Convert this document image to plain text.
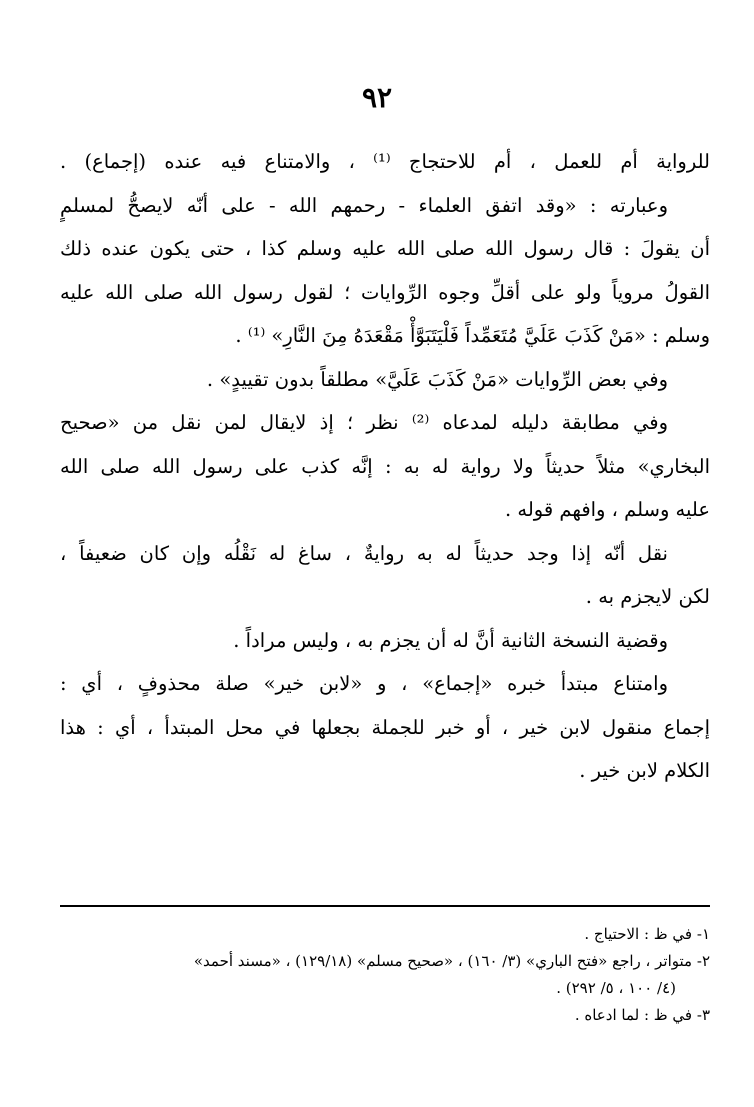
٩٢
للرواية أم للعمل ، أم للاحتجاج ⁽¹⁾ ، والامتناع فيه عنده (إجماع) .
وعبارته : «وقد اتفق العلماء - رحمهم الله - على أنّه لايصحُّ لمسلمٍ
أن يقولَ : قال رسول الله صلى الله عليه وسلم كذا ، حتى يكون عنده ذلك
القولُ مروياً ولو على أقلِّ وجوه الرِّوايات ؛ لقول رسول الله صلى الله عليه
وسلم : «مَنْ كَذَبَ عَلَيَّ مُتَعَمِّداً فَلْيَتَبَوَّأْ مَقْعَدَهُ مِنَ النَّارِ» ⁽¹⁾ .
وفي بعض الرِّوايات «مَنْ كَذَبَ عَلَيَّ» مطلقاً بدون تقييدٍ» .
وفي مطابقة دليله لمدعاه ⁽²⁾ نظر ؛ إذ لايقال لمن نقل من «صحيح
البخاري» مثلاً حديثاً ولا رواية له به : إنَّه كذب على رسول الله صلى الله
عليه وسلم ، وافهم قوله .
نقل أنّه إذا وجد حديثاً له به روايةٌ ، ساغ له نَقْلُه وإن كان ضعيفاً ،
لكن لايجزم به .
وقضية النسخة الثانية أنَّ له أن يجزم به ، وليس مراداً .
وامتناع مبتدأ خبره «إجماع» ، و «لابن خير» صلة محذوفٍ ، أي :
إجماع منقول لابن خير ، أو خبر للجملة بجعلها في محل المبتدأ ، أي : هذا
الكلام لابن خير .
١- في ظ : الاحتياج .
٢- متواتر ، راجع «فتح الباري» (٣/ ١٦٠) ، «صحيح مسلم» (١٢٩/١٨) ، «مسند أحمد»
(٤/ ١٠٠ ، ٥/ ٢٩٢) .
٣- في ظ : لما ادعاه .
